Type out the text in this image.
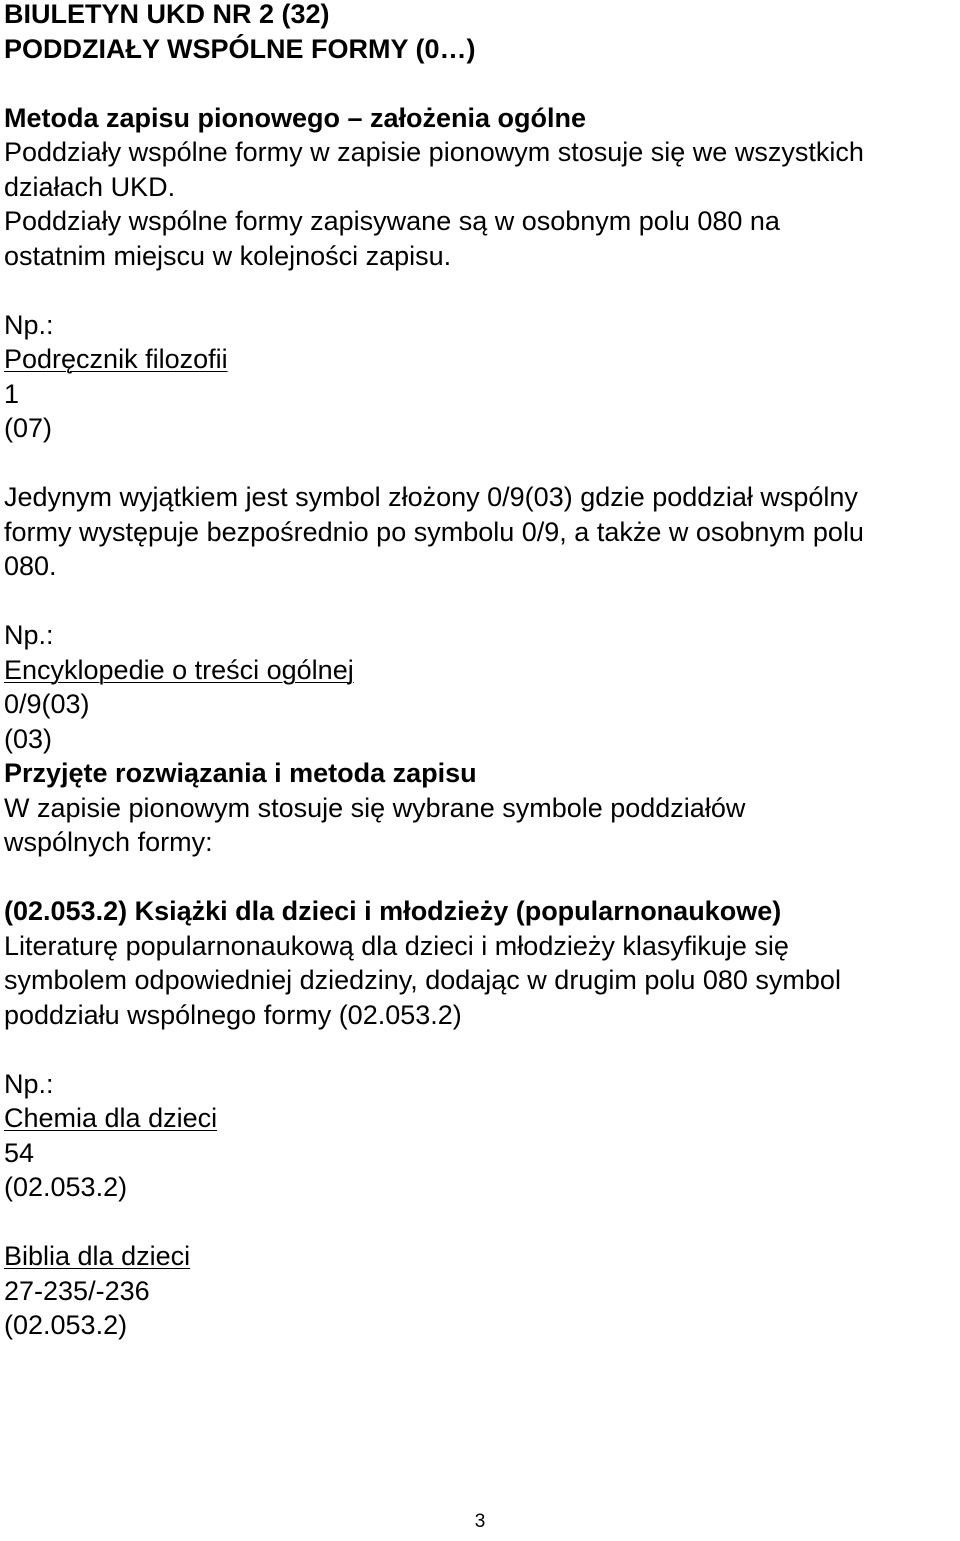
BIULETYN UKD NR 2 (32)
PODDZIAŁY WSPÓLNE FORMY (0…)
Metoda zapisu pionowego – założenia ogólne
Poddziały wspólne formy w zapisie pionowym stosuje się we wszystkich
działach UKD.
Poddziały wspólne formy zapisywane są w osobnym polu 080 na
ostatnim miejscu w kolejności zapisu.
Np.:
Podręcznik filozofii
1
(07)
Jedynym wyjątkiem jest symbol złożony 0/9(03) gdzie poddział wspólny
formy występuje bezpośrednio po symbolu 0/9, a także w osobnym polu
080.
Np.:
Encyklopedie o treści ogólnej
0/9(03)
(03)
Przyjęte rozwiązania i metoda zapisu
W zapisie pionowym stosuje się wybrane symbole poddziałów
wspólnych formy:
(02.053.2) Książki dla dzieci i młodzieży (popularnonaukowe)
Literaturę popularnonaukową dla dzieci i młodzieży klasyfikuje się
symbolem odpowiedniej dziedziny, dodając w drugim polu 080 symbol
poddziału wspólnego formy (02.053.2)
Np.:
Chemia dla dzieci
54
(02.053.2)
Biblia dla dzieci
27-235/-236
(02.053.2)
3
